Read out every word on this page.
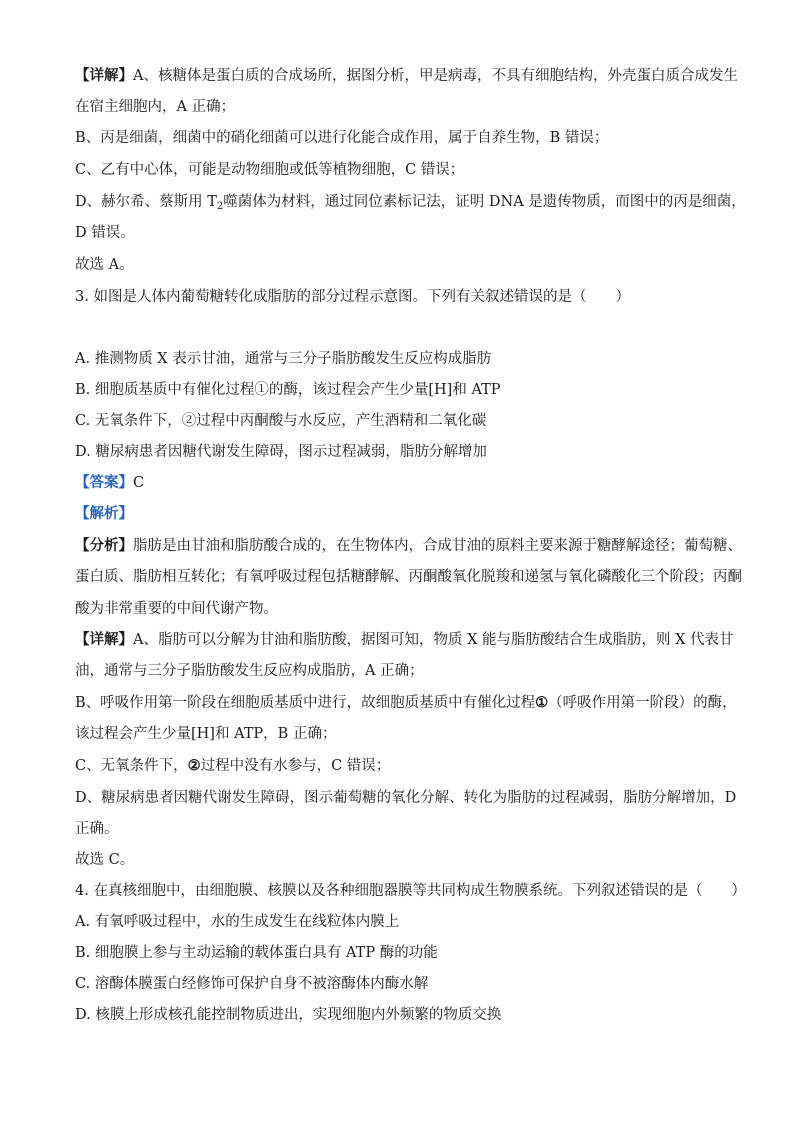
【详解】A、核糖体是蛋白质的合成场所，据图分析，甲是病毒，不具有细胞结构，外壳蛋白质合成发生
在宿主细胞内，A 正确；
B、丙是细菌，细菌中的硝化细菌可以进行化能合成作用，属于自养生物，B 错误；
C、乙有中心体，可能是动物细胞或低等植物细胞，C 错误；
D、赫尔希、蔡斯用 $T_2$噬菌体为材料，通过同位素标记法，证明 DNA 是遗传物质，而图中的丙是细菌，
D 错误。
故选 A。
3. 如图是人体内葡萄糖转化成脂肪的部分过程示意图。下列有关叙述错误的是（　　）
A. 推测物质 X 表示甘油，通常与三分子脂肪酸发生反应构成脂肪
B. 细胞质基质中有催化过程①的酶，该过程会产生少量[H]和 ATP
C. 无氧条件下，②过程中丙酮酸与水反应，产生酒精和二氧化碳
D. 糖尿病患者因糖代谢发生障碍，图示过程减弱，脂肪分解增加
【答案】C
【解析】
【分析】脂肪是由甘油和脂肪酸合成的，在生物体内，合成甘油的原料主要来源于糖酵解途径；葡萄糖、
蛋白质、脂肪相互转化；有氧呼吸过程包括糖酵解、丙酮酸氧化脱羧和递氢与氧化磷酸化三个阶段；丙酮
酸为非常重要的中间代谢产物。
【详解】A、脂肪可以分解为甘油和脂肪酸，据图可知，物质 X 能与脂肪酸结合生成脂肪，则 X 代表甘
油，通常与三分子脂肪酸发生反应构成脂肪，A 正确；
B、呼吸作用第一阶段在细胞质基质中进行，故细胞质基质中有催化过程①（呼吸作用第一阶段）的酶，
该过程会产生少量[H]和 ATP，B 正确；
C、无氧条件下，②过程中没有水参与，C 错误；
D、糖尿病患者因糖代谢发生障碍，图示葡萄糖的氧化分解、转化为脂肪的过程减弱，脂肪分解增加，D
正确。
故选 C。
4. 在真核细胞中，由细胞膜、核膜以及各种细胞器膜等共同构成生物膜系统。下列叙述错误的是（　　）
A. 有氧呼吸过程中，水的生成发生在线粒体内膜上
B. 细胞膜上参与主动运输的载体蛋白具有 ATP 酶的功能
C. 溶酶体膜蛋白经修饰可保护自身不被溶酶体内酶水解
D. 核膜上形成核孔能控制物质进出，实现细胞内外频繁的物质交换
